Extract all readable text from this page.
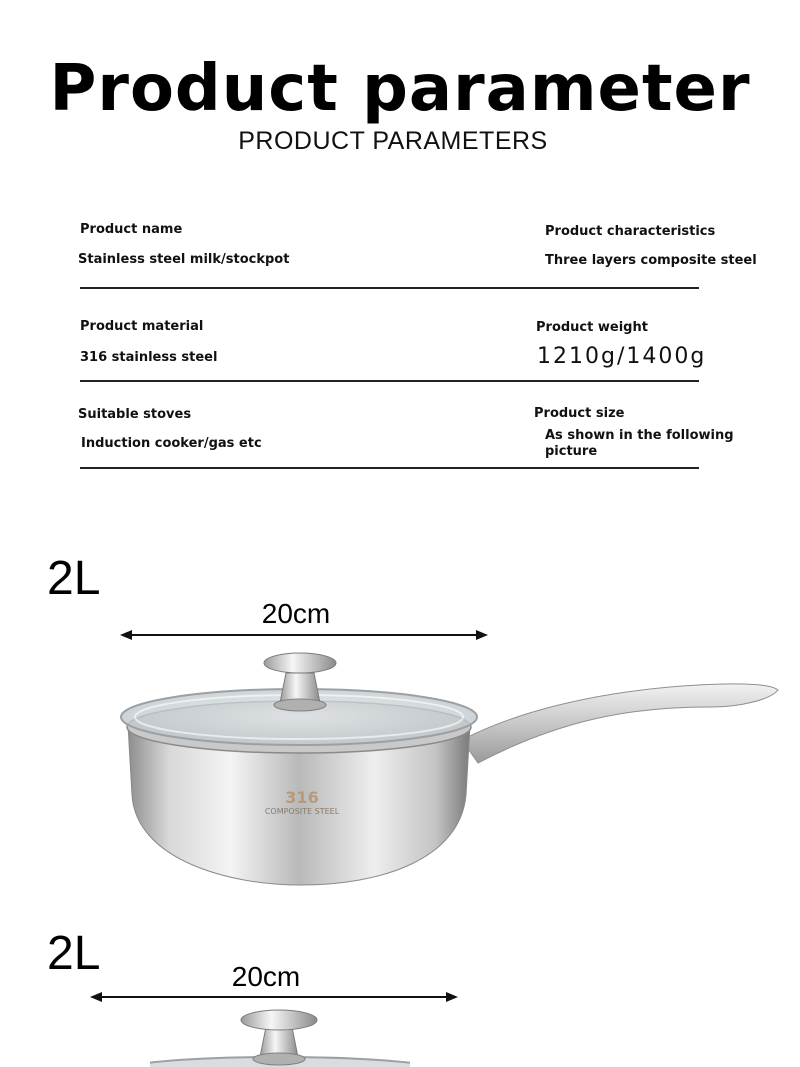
Product parameter
PRODUCT PARAMETERS
Product name
Stainless steel milk/stockpot
Product characteristics
Three layers composite steel
Product material
316 stainless steel
Product weight
1210g/1400g
Suitable stoves
Induction cooker/gas etc
Product size
As shown in the following picture
2L
20cm
316
COMPOSITE STEEL
2L	20cm
